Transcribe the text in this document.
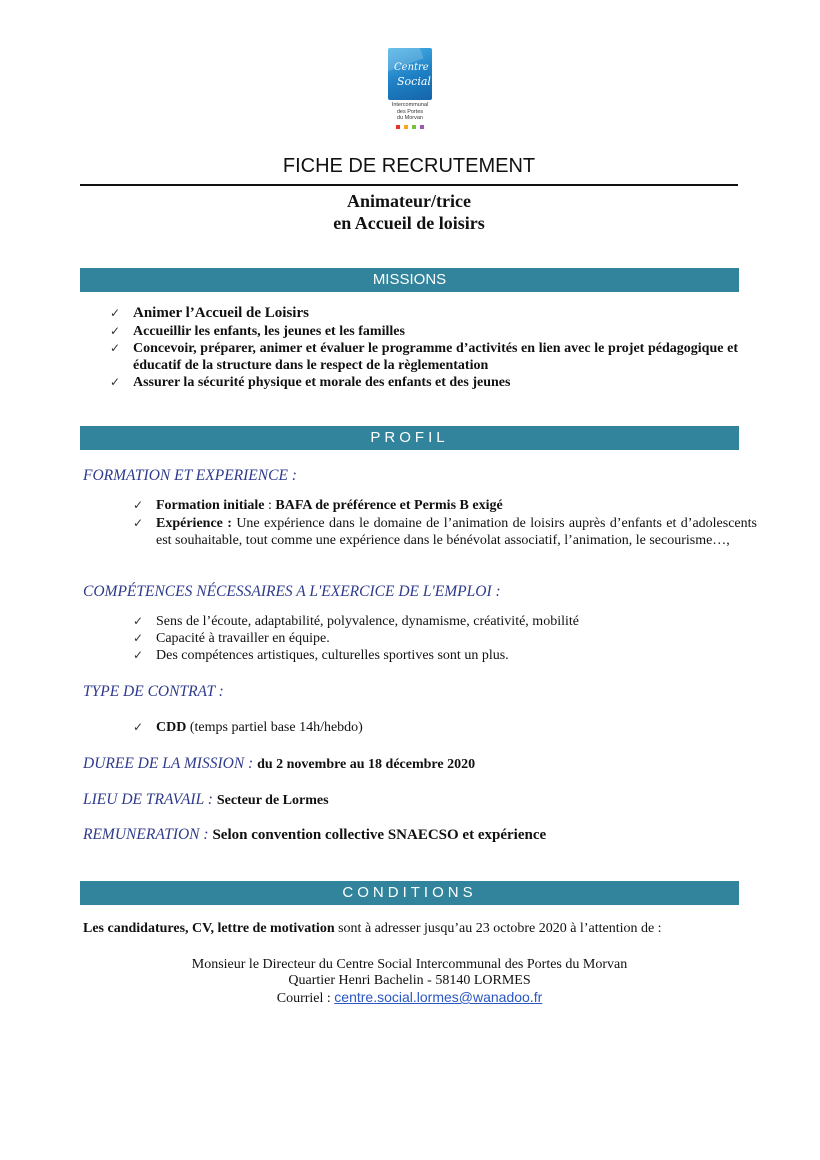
Centre
Social
Intercommunal
des Portes
du Morvan
FICHE DE RECRUTEMENT
Animateur/trice
en Accueil de loisirs
MISSIONS
✓ Animer l’Accueil de Loisirs
✓ Accueillir les enfants, les jeunes et les familles
✓ Concevoir, préparer, animer et évaluer le programme d’activités en lien avec le projet pédagogique et éducatif de la structure dans le respect de la règlementation
✓ Assurer la sécurité physique et morale des enfants et des jeunes
PROFIL
FORMATION ET EXPERIENCE :
✓ Formation initiale : BAFA de préférence et Permis B exigé
✓ Expérience : Une expérience dans le domaine de l’animation de loisirs auprès d’enfants et d’adolescents est souhaitable, tout comme une expérience dans le bénévolat associatif, l’animation, le secourisme…,
COMPÉTENCES NÉCESSAIRES A L'EXERCICE DE L'EMPLOI :
✓ Sens de l’écoute, adaptabilité, polyvalence, dynamisme, créativité, mobilité
✓ Capacité à travailler en équipe.
✓ Des compétences artistiques, culturelles sportives sont un plus.
TYPE DE CONTRAT :
✓ CDD (temps partiel base 14h/hebdo)
DUREE DE LA MISSION : du 2 novembre au 18 décembre 2020
LIEU DE TRAVAIL : Secteur de Lormes
REMUNERATION : Selon convention collective SNAECSO et expérience
CONDITIONS
Les candidatures, CV, lettre de motivation sont à adresser jusqu’au 23 octobre 2020 à l’attention de :
Monsieur le Directeur du Centre Social Intercommunal des Portes du Morvan
Quartier Henri Bachelin - 58140 LORMES
Courriel : centre.social.lormes@wanadoo.fr
